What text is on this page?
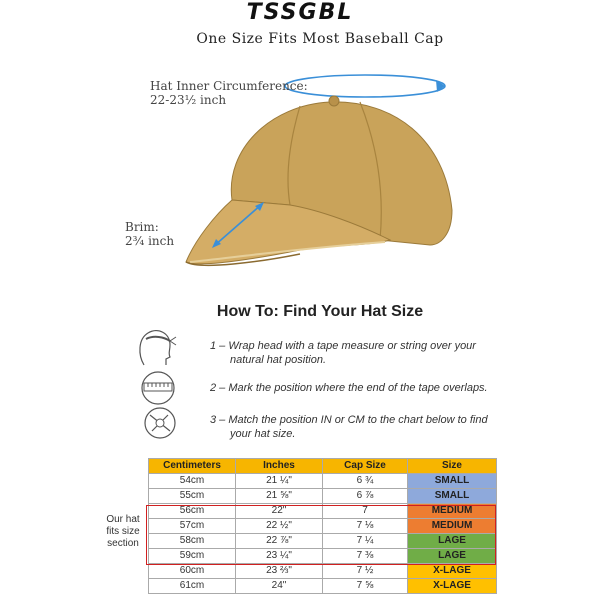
TSSGBL
One Size Fits Most Baseball Cap
Hat Inner Circumference:
22-23½ inch
Brim:
2¾ inch
How To: Find Your Hat Size
1 – Wrap head with a tape measure or string over your
natural hat position.
2 – Mark the position where the end of the tape overlaps.
3 – Match the position IN or CM to the chart below to find
your hat size.
Centimeters	Inches	Cap Size	Size
54cm	21 ¼"	6 ¾	SMALL
55cm	21 ⅝"	6 ⅞	SMALL
56cm	22"	7	MEDIUM
57cm	22 ½"	7 ⅛	MEDIUM
58cm	22 ⅞"	7 ¼	LAGE
59cm	23 ¼"	7 ⅜	LAGE
60cm	23 ⅔"	7 ½	X-LAGE
61cm	24"	7 ⅝	X-LAGE
Our hat fits size section
